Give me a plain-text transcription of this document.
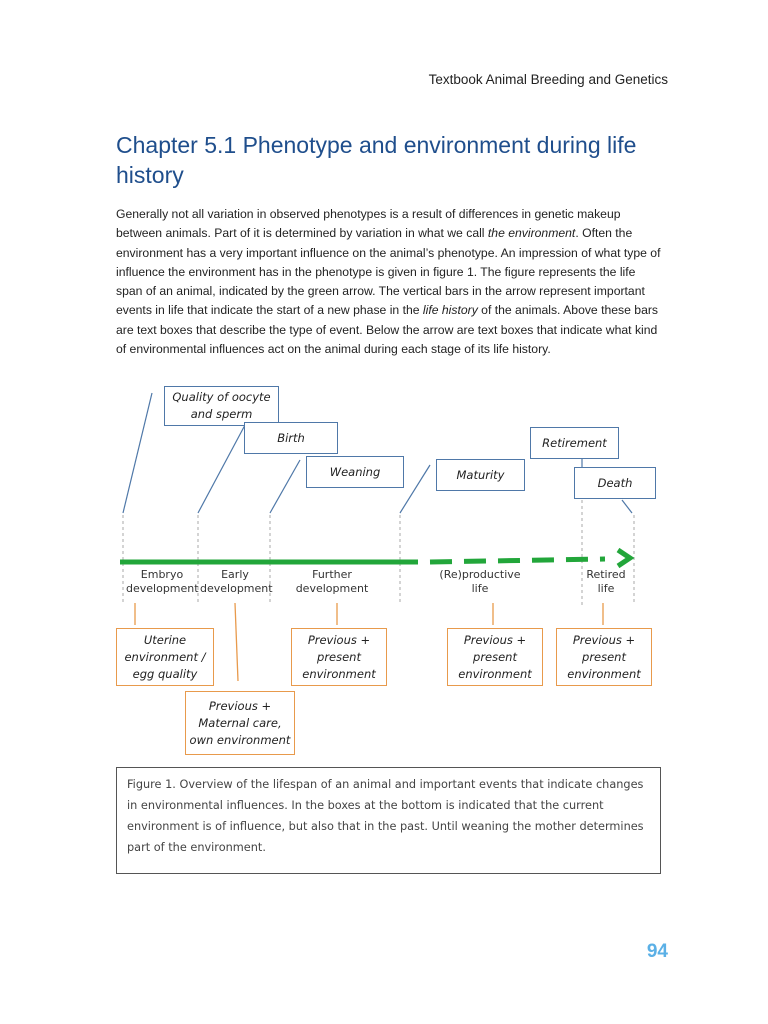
Textbook Animal Breeding and Genetics
Chapter 5.1 Phenotype and environment during life history

Generally not all variation in observed phenotypes is a result of differences in genetic makeup between animals. Part of it is determined by variation in what we call the environment. Often the environment has a very important influence on the animal’s phenotype. An impression of what type of influence the environment has in the phenotype is given in figure 1. The figure represents the life span of an animal, indicated by the green arrow. The vertical bars in the arrow represent important events in life that indicate the start of a new phase in the life history of the animals. Above these bars are text boxes that describe the type of event. Below the arrow are text boxes that indicate what kind of environmental influences act on the animal during each stage of its life history.

Quality of oocyte and sperm
Birth
Weaning	Maturity
Retirement
Death
Embryo development
Early development
Further development
(Re)productive life
Retired life
Uterine environment / egg quality
Previous + Maternal care, own environment
Previous + present environment
Previous + present environment
Previous + present environment
Figure 1. Overview of the lifespan of an animal and important events that indicate changes in environmental influences. In the boxes at the bottom is indicated that the current environment is of influence, but also that in the past. Until weaning the mother determines part of the environment.
94
